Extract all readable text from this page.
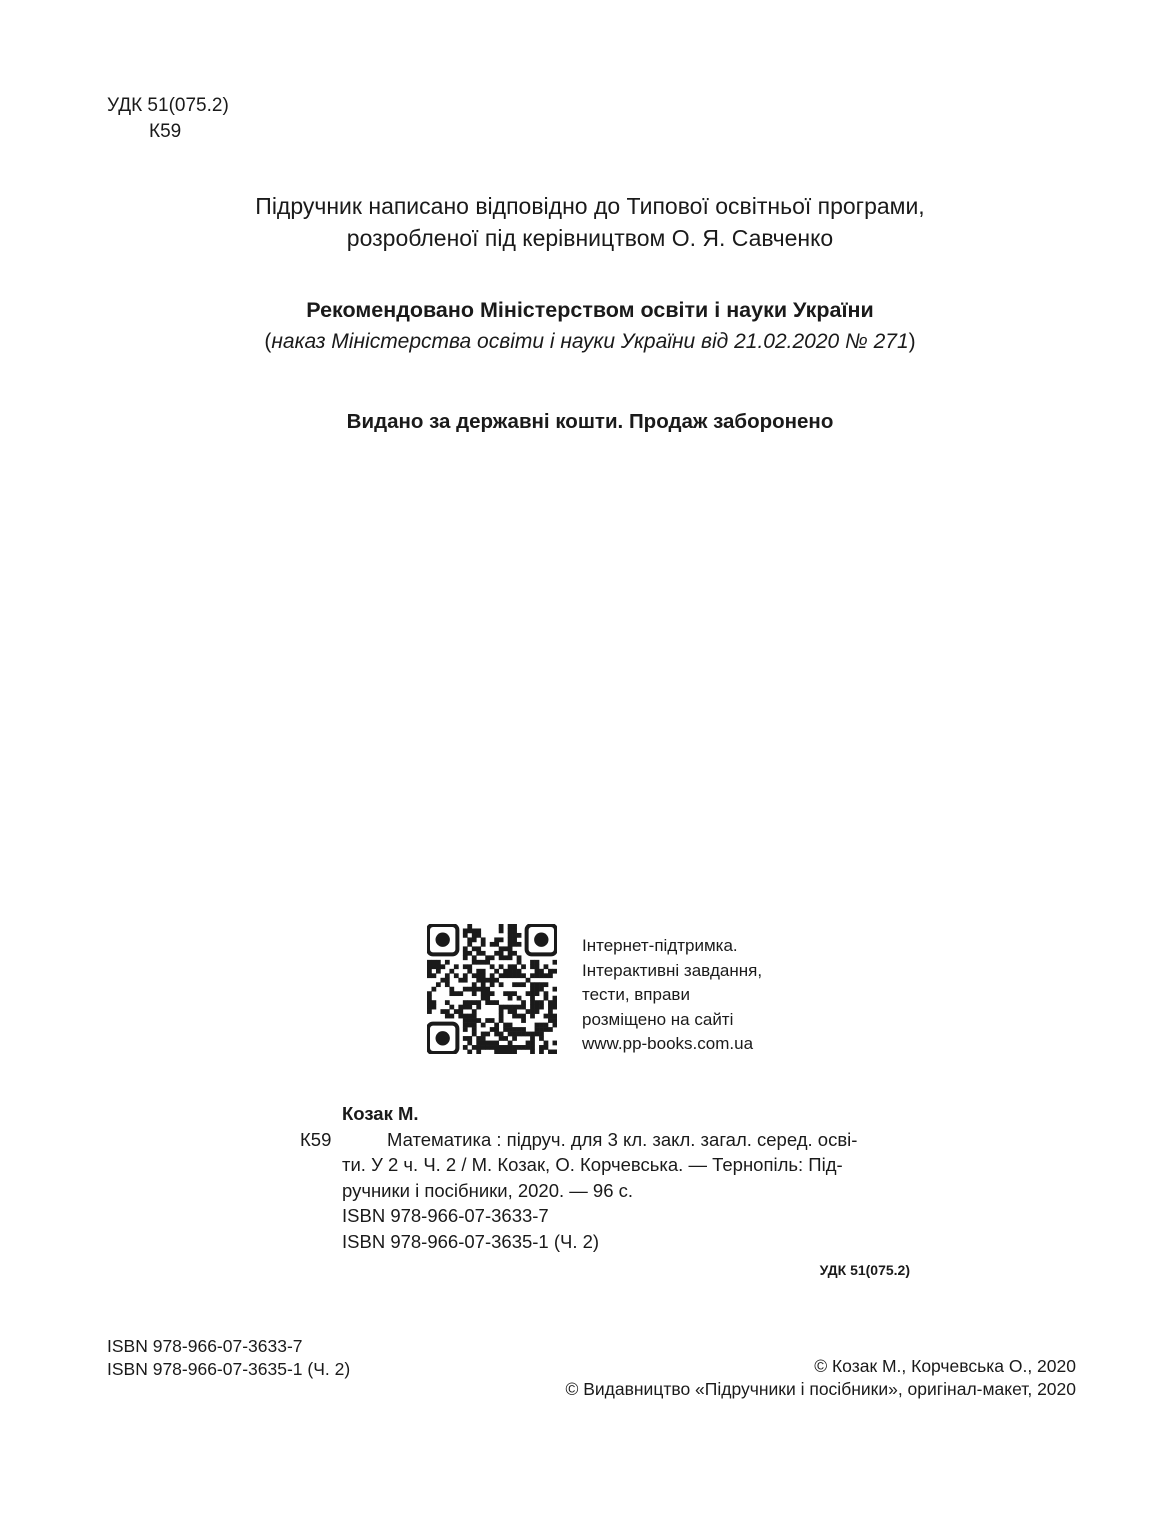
УДК 51(075.2)
К59
Підручник написано відповідно до Типової освітньої програми,
розробленої під керівництвом О. Я. Савченко
Рекомендовано Міністерством освіти і науки України
(наказ Міністерства освіти і науки України від 21.02.2020 № 271)
Видано за державні кошти. Продаж заборонено
Інтернет-підтримка.
Інтерактивні завдання,
тести, вправи
розміщено на сайті
www.pp-books.com.ua
Козак М.
К59	Математика : підруч. для 3 кл. закл. загал. серед. осві-
ти. У 2 ч. Ч. 2 / М. Козак, О. Корчевська. — Тернопіль: Під-
ручники і посібники, 2020. — 96 с.
ISBN 978-966-07-3633-7
ISBN 978-966-07-3635-1 (Ч. 2)
УДК 51(075.2)
ISBN 978-966-07-3633-7
ISBN 978-966-07-3635-1 (Ч. 2)	© Козак М., Корчевська О., 2020
© Видавництво «Підручники і посібники», оригінал-макет, 2020
